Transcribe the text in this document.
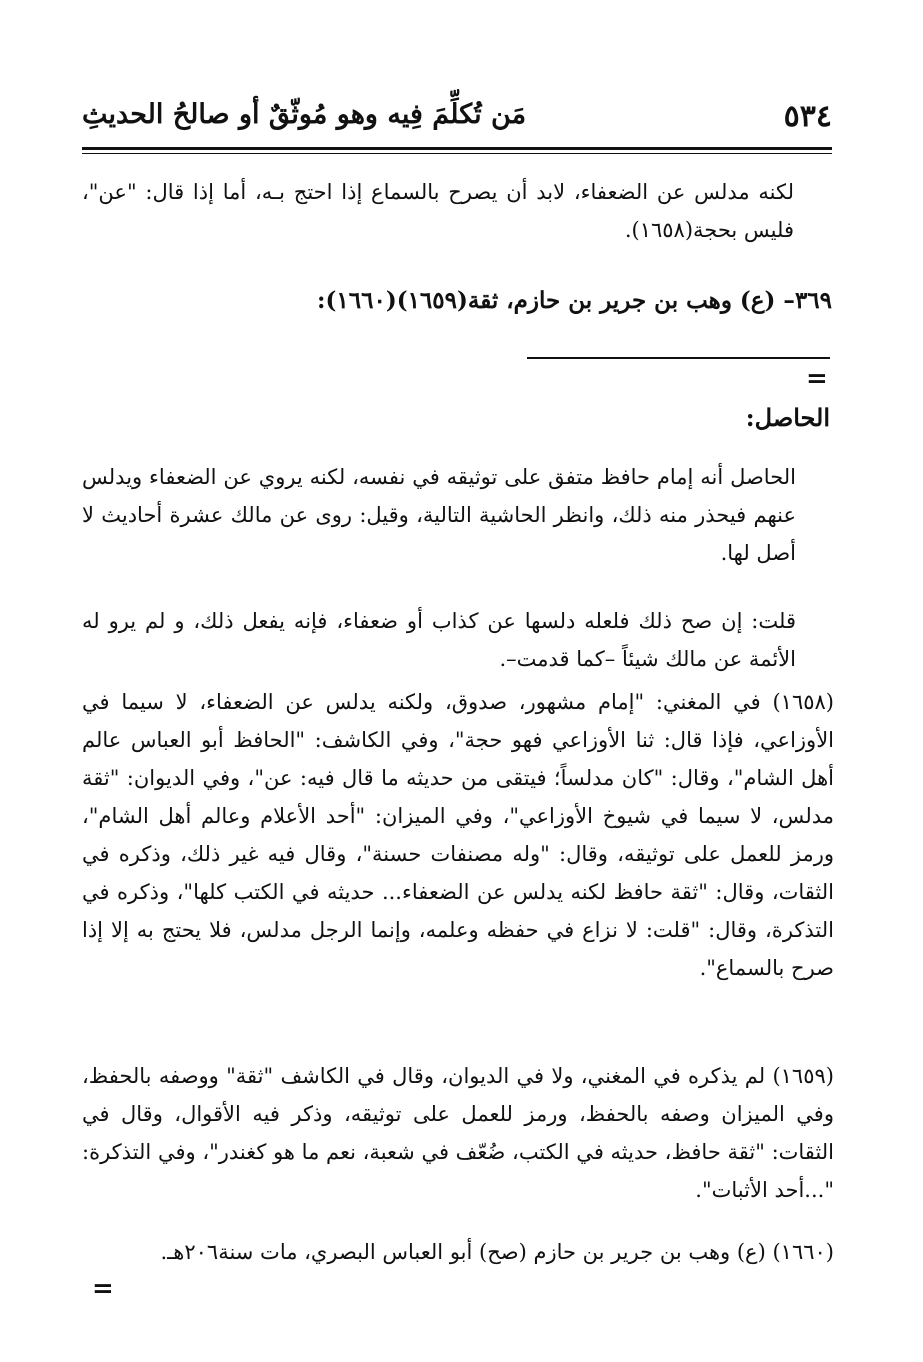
٥٣٤
مَن تُكلِّمَ فِيه وهو مُوثّقٌ أو صالحُ الحديثِ
لكنه مدلس عن الضعفاء، لابد أن يصرح بالسماع إذا احتج بـه، أما إذا قال: "عن"، فليس بحجة(١٦٥٨).
٣٦٩– (ع) وهب بن جرير بن حازم، ثقة(١٦٥٩)(١٦٦٠):
=
الحاصل:
الحاصل أنه إمام حافظ متفق على توثيقه في نفسه، لكنه يروي عن الضعفاء ويدلس عنهم فيحذر منه ذلك، وانظر الحاشية التالية، وقيل: روى عن مالك عشرة أحاديث لا أصل لها.
قلت: إن صح ذلك فلعله دلسها عن كذاب أو ضعفاء، فإنه يفعل ذلك، و لم يرو له الأئمة عن مالك شيئاً –كما قدمت–.

(١٦٥٨) في المغني: "إمام مشهور، صدوق، ولكنه يدلس عن الضعفاء، لا سيما في الأوزاعي، فإذا قال: ثنا الأوزاعي فهو حجة"، وفي الكاشف: "الحافظ أبو العباس عالم أهل الشام"، وقال: "كان مدلساً؛ فيتقى من حديثه ما قال فيه: عن"، وفي الديوان: "ثقة مدلس، لا سيما في شيوخ الأوزاعي"، وفي الميزان: "أحد الأعلام وعالم أهل الشام"، ورمز للعمل على توثيقه، وقال: "وله مصنفات حسنة"، وقال فيه غير ذلك، وذكره في الثقات، وقال: "ثقة حافظ لكنه يدلس عن الضعفاء... حديثه في الكتب كلها"، وذكره في التذكرة، وقال: "قلت: لا نزاع في حفظه وعلمه، وإنما الرجل مدلس، فلا يحتج به إلا إذا صرح بالسماع".

(١٦٥٩) لم يذكره في المغني، ولا في الديوان، وقال في الكاشف "ثقة" ووصفه بالحفظ، وفي الميزان وصفه بالحفظ، ورمز للعمل على توثيقه، وذكر فيه الأقوال، وقال في الثقات: "ثقة حافظ، حديثه في الكتب، ضُعّف في شعبة، نعم ما هو كغندر"، وفي التذكرة: "...أحد الأثبات".

(١٦٦٠) (ع) وهب بن جرير بن حازم (صح) أبو العباس البصري، مات سنة٢٠٦هـ.

=
